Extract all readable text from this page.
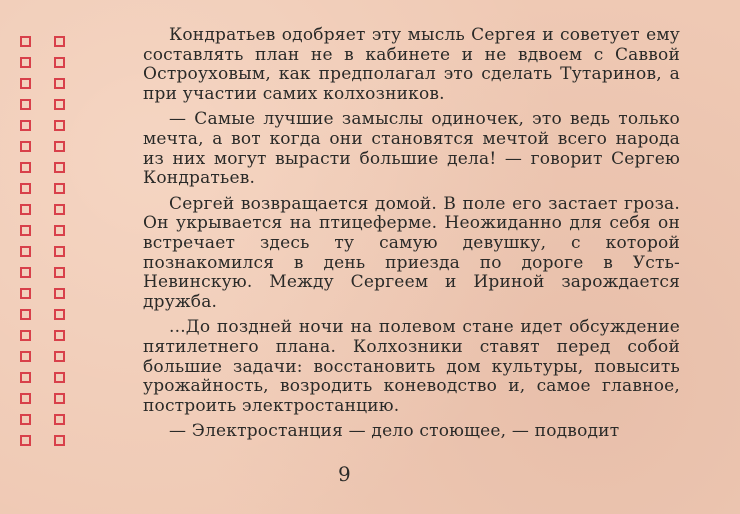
Кондратьев одобряет эту мысль Сергея и советует ему составлять план не в кабинете и не вдвоем с Саввой Остроуховым, как предполагал это сделать Тутаринов, а при участии самих колхозников.

— Самые лучшие замыслы одиночек, это ведь только мечта, а вот когда они становятся мечтой всего народа из них могут вырасти большие дела! — говорит Сергею Кондратьев.

Сергей возвращается домой. В поле его застает гроза. Он укрывается на птицеферме. Неожиданно для себя он встречает здесь ту самую девушку, с которой познакомился в день приезда по дороге в Усть-Невинскую. Между Сергеем и Ириной зарождается дружба.

...До поздней ночи на полевом стане идет обсуждение пятилетнего плана. Колхозники ставят перед собой большие задачи: восстановить дом культуры, повысить урожайность, возродить коневодство и, самое главное, построить электростанцию.

— Электростанция — дело стоющее, — подводит

9
